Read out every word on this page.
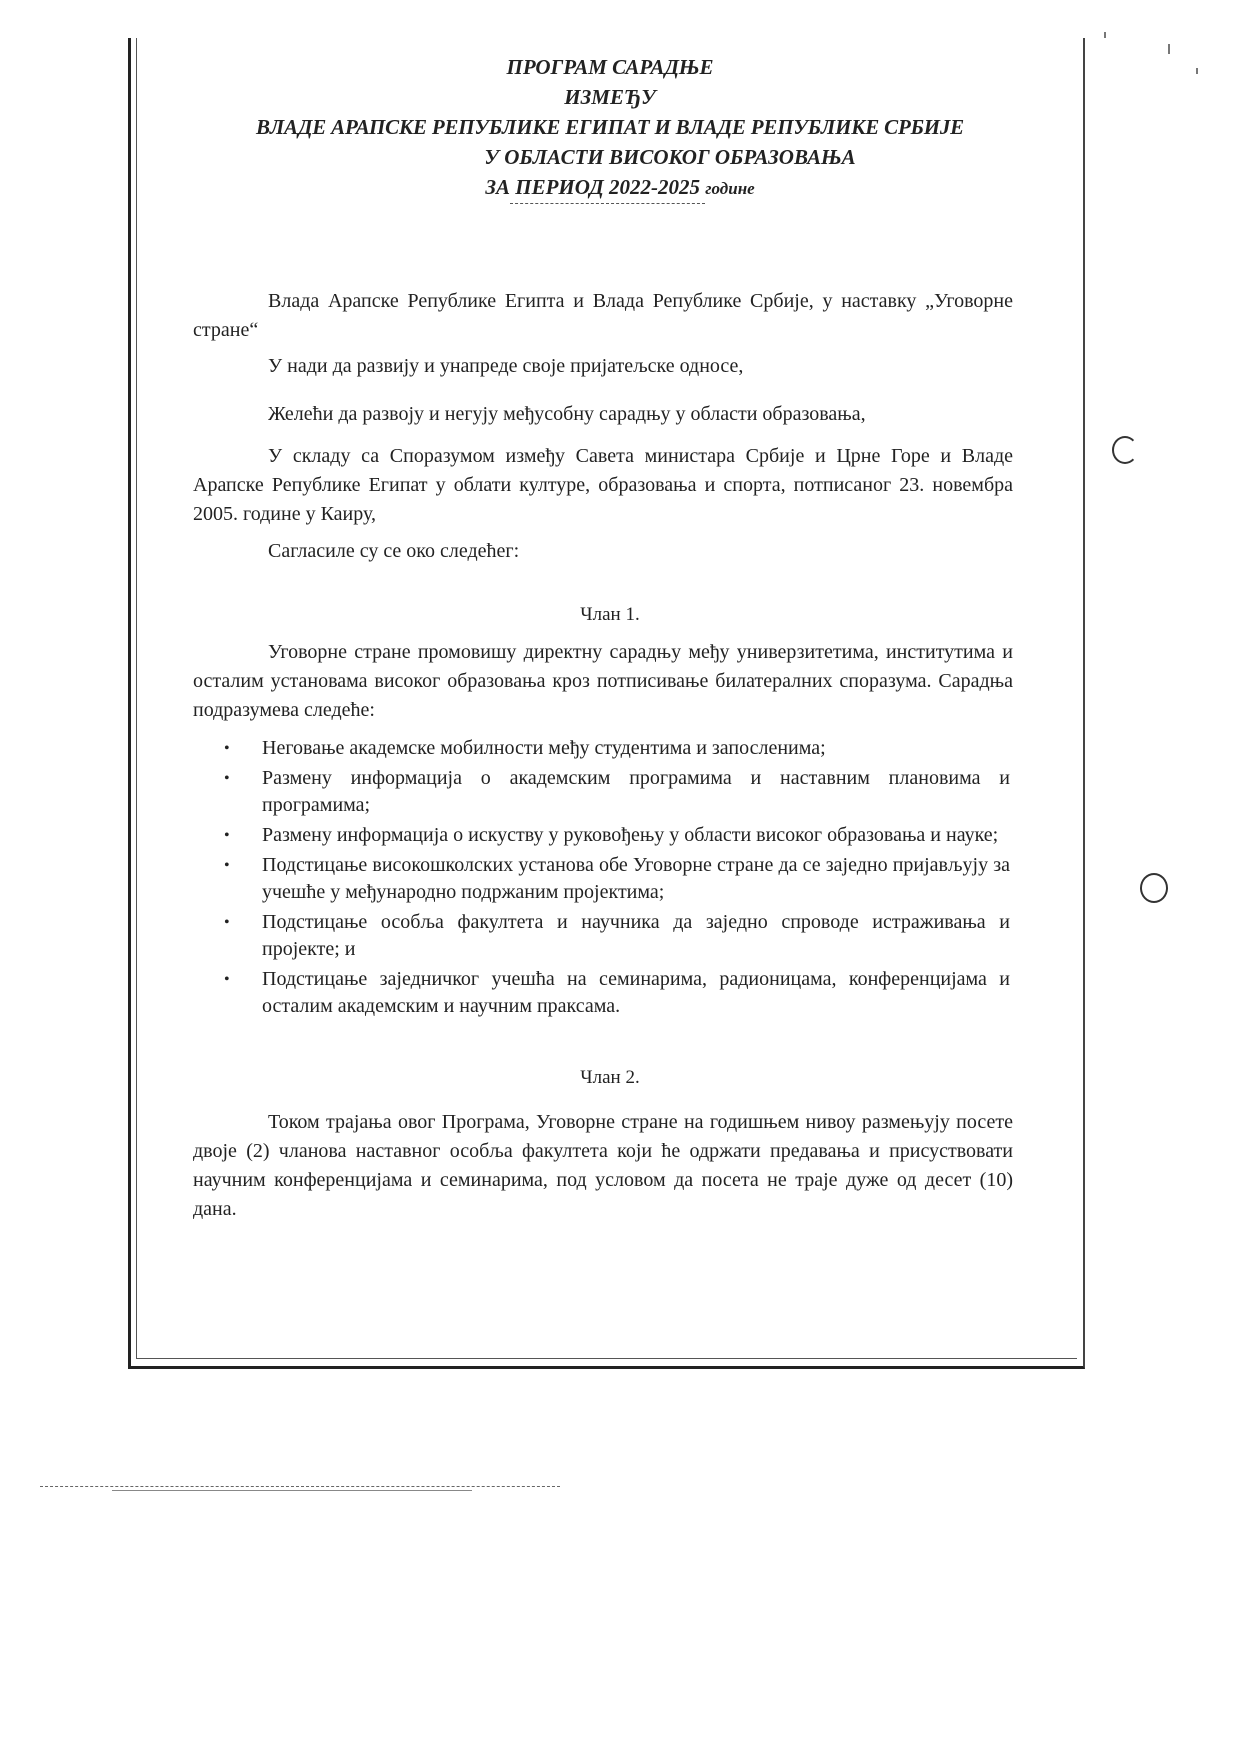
ПРОГРАМ САРАДЊЕ
ИЗМЕЂУ
ВЛАДЕ АРАПСКЕ РЕПУБЛИКЕ ЕГИПАТ И ВЛАДЕ РЕПУБЛИКЕ СРБИЈЕ
У ОБЛАСТИ ВИСОКОГ ОБРАЗОВАЊА
ЗА ПЕРИОД 2022-2025 године
Влада Арапске Републике Египта и Влада Републике Србије, у наставку „Уговорне стране“
У нади да развију и унапреде своје пријатељске односе,
Желећи да развоју и негују међусобну сарадњу у области образовања,
У складу са Споразумом између Савета министара Србије и Црне Горе и Владе Арапске Републике Египат у облати културе, образовања и спорта, потписаног 23. новембра 2005. године у Каиру,
Сагласиле су се око следећег:
Члан 1.
Уговорне стране промовишу директну сарадњу међу универзитетима, институтима и осталим установама високог образовања кроз потписивање билатералних споразума. Сарадња подразумева следеће:
• Неговање академске мобилности међу студентима и запосленима;
• Размену информација о академским програмима и наставним плановима и програмима;
• Размену информација о искуству у руковођењу у области високог образовања и науке;
• Подстицање високошколских установа обе Уговорне стране да се заједно пријављују за учешће у међународно подржаним пројектима;
• Подстицање особља факултета и научника да заједно спроводе истраживања и пројекте; и
• Подстицање заједничког учешћа на семинарима, радионицама, конференцијама и осталим академским и научним праксама.
Члан 2.
Током трајања овог Програма, Уговорне стране на годишњем нивоу размењују посете двоје (2) чланова наставног особља факултета који ће одржати предавања и присуствовати научним конференцијама и семинарима, под условом да посета не траје дуже од десет (10) дана.
